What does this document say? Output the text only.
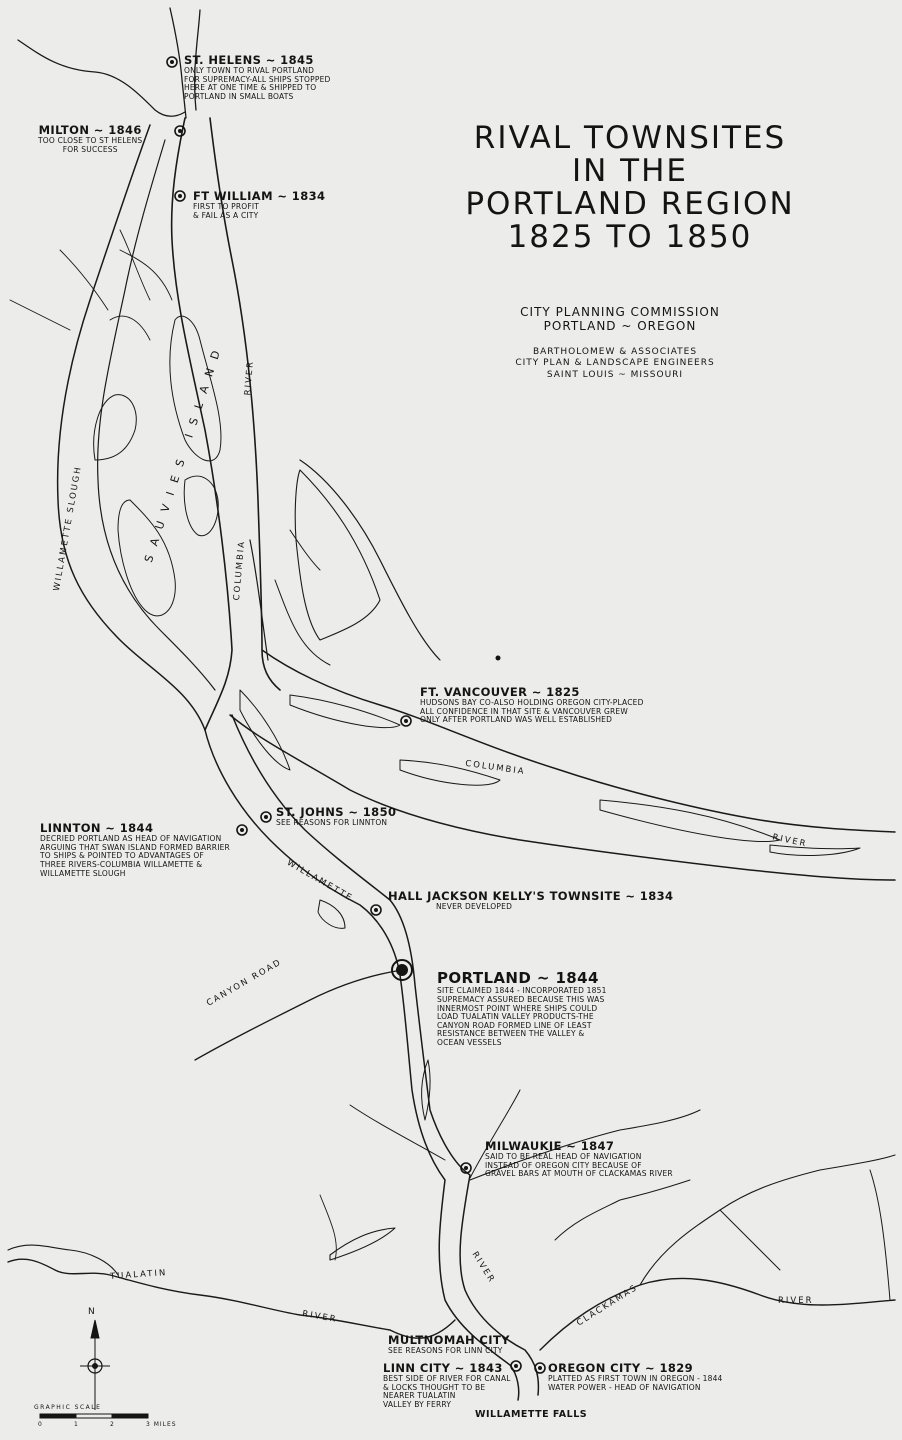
RIVAL TOWNSITES
IN THE
PORTLAND REGION
1825 TO 1850
CITY PLANNING COMMISSION
PORTLAND ~ OREGON
BARTHOLOMEW & ASSOCIATES
CITY PLAN & LANDSCAPE ENGINEERS
SAINT LOUIS ~ MISSOURI
ST. HELENS ~ 1845
ONLY TOWN TO RIVAL PORTLAND
FOR SUPREMACY-ALL SHIPS STOPPED
HERE AT ONE TIME & SHIPPED TO
PORTLAND IN SMALL BOATS
MILTON ~ 1846
TOO CLOSE TO ST HELENS
FOR SUCCESS
FT WILLIAM ~ 1834
FIRST TO PROFIT
& FAIL AS A CITY
FT. VANCOUVER ~ 1825
HUDSONS BAY CO-ALSO HOLDING OREGON CITY-PLACED
ALL CONFIDENCE IN THAT SITE & VANCOUVER GREW
ONLY AFTER PORTLAND WAS WELL ESTABLISHED
ST. JOHNS ~ 1850
SEE REASONS FOR LINNTON
LINNTON ~ 1844
DECRIED PORTLAND AS HEAD OF NAVIGATION
ARGUING THAT SWAN ISLAND FORMED BARRIER
TO SHIPS & POINTED TO ADVANTAGES OF
THREE RIVERS-COLUMBIA WILLAMETTE &
WILLAMETTE SLOUGH
HALL JACKSON KELLY'S TOWNSITE ~ 1834
NEVER DEVELOPED
PORTLAND ~ 1844
SITE CLAIMED 1844 - INCORPORATED 1851
SUPREMACY ASSURED BECAUSE THIS WAS
INNERMOST POINT WHERE SHIPS COULD
LOAD TUALATIN VALLEY PRODUCTS-THE
CANYON ROAD FORMED LINE OF LEAST
RESISTANCE BETWEEN THE VALLEY &
OCEAN VESSELS
MILWAUKIE ~ 1847
SAID TO BE REAL HEAD OF NAVIGATION
INSTEAD OF OREGON CITY BECAUSE OF
GRAVEL BARS AT MOUTH OF CLACKAMAS RIVER
MULTNOMAH CITY
SEE REASONS FOR LINN CITY
LINN CITY ~ 1843
BEST SIDE OF RIVER FOR CANAL
& LOCKS THOUGHT TO BE
NEARER TUALATIN
VALLEY BY FERRY
OREGON CITY ~ 1829
PLATTED AS FIRST TOWN IN OREGON - 1844
WATER POWER - HEAD OF NAVIGATION
WILLAMETTE FALLS
CANYON ROAD
SAUVIES ISLAND
WILLAMETTE SLOUGH	COLUMBIA
RIVER
COLUMBIA
RIVER
WILLAMETTE
RIVER
TUALATIN
RIVER	CLACKAMAS	RIVER
N
GRAPHIC SCALE
0	1	2	3 MILES
